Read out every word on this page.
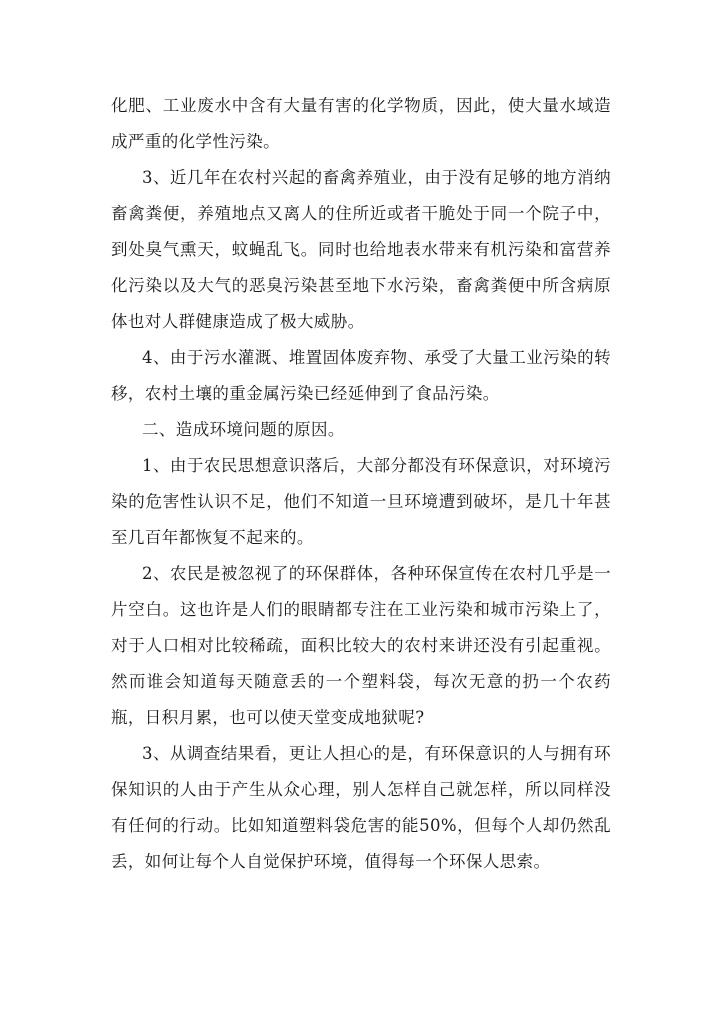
化肥、工业废水中含有大量有害的化学物质，因此，使大量水域造成严重的化学性污染。

3、近几年在农村兴起的畜禽养殖业，由于没有足够的地方消纳畜禽粪便，养殖地点又离人的住所近或者干脆处于同一个院子中，到处臭气熏天，蚊蝇乱飞。同时也给地表水带来有机污染和富营养化污染以及大气的恶臭污染甚至地下水污染，畜禽粪便中所含病原体也对人群健康造成了极大威胁。

4、由于污水灌溉、堆置固体废弃物、承受了大量工业污染的转移，农村土壤的重金属污染已经延伸到了食品污染。

二、造成环境问题的原因。

1、由于农民思想意识落后，大部分都没有环保意识，对环境污染的危害性认识不足，他们不知道一旦环境遭到破坏，是几十年甚至几百年都恢复不起来的。

2、农民是被忽视了的环保群体，各种环保宣传在农村几乎是一片空白。这也许是人们的眼睛都专注在工业污染和城市污染上了，对于人口相对比较稀疏，面积比较大的农村来讲还没有引起重视。然而谁会知道每天随意丢的一个塑料袋，每次无意的扔一个农药瓶，日积月累，也可以使天堂变成地狱呢?

3、从调查结果看，更让人担心的是，有环保意识的人与拥有环保知识的人由于产生从众心理，别人怎样自己就怎样，所以同样没有任何的行动。比如知道塑料袋危害的能50%，但每个人却仍然乱丢，如何让每个人自觉保护环境，值得每一个环保人思索。
